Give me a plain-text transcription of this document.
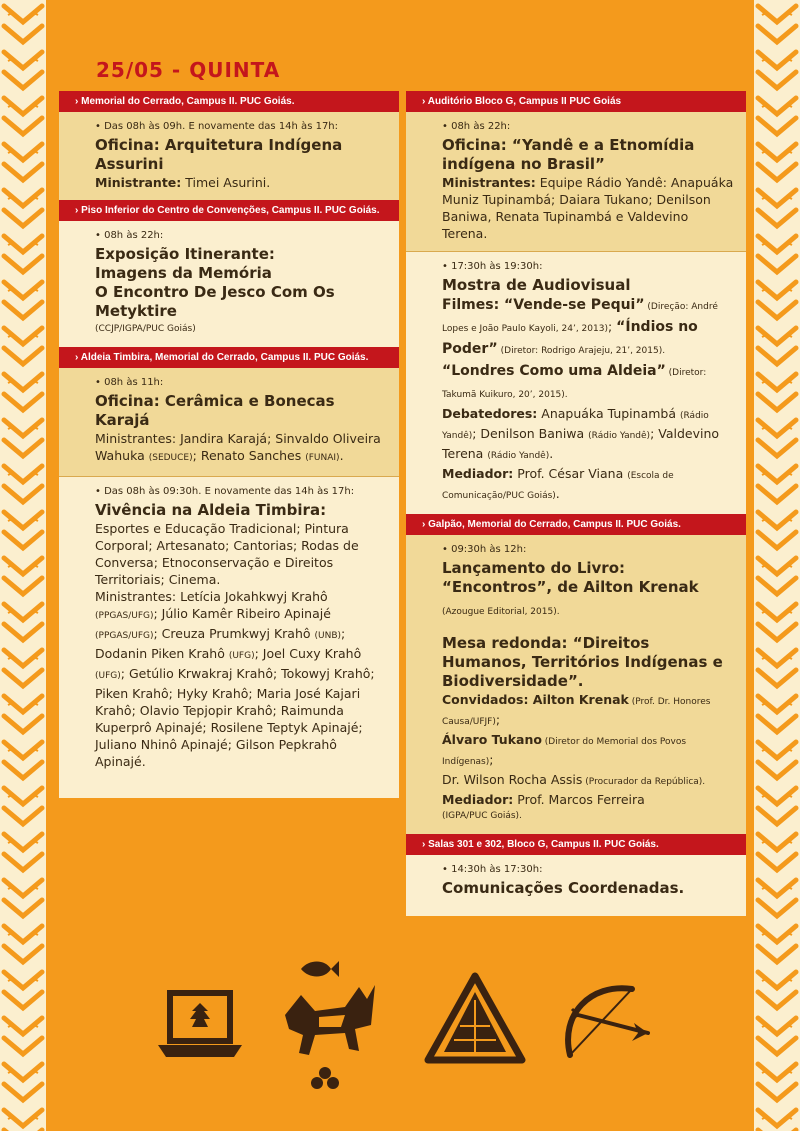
25/05 - QUINTA
› Memorial do Cerrado, Campus II. PUC Goiás.

• Das 08h às 09h. E novamente das 14h às 17h:

Oficina: Arquitetura Indígena Assurini

Ministrante: Timei Asurini.

› Piso Inferior do Centro de Convenções, Campus II. PUC Goiás.

• 08h às 22h:

Exposição Itinerante:

Imagens da Memória

O Encontro De Jesco Com Os

Metyktire

(CCJP/IGPA/PUC Goiás)

› Aldeia Timbira, Memorial do Cerrado, Campus II. PUC Goiás.

• 08h às 11h:

Oficina: Cerâmica e Bonecas Karajá

Ministrantes: Jandira Karajá; Sinvaldo Oliveira Wahuka (SEDUCE); Renato Sanches (FUNAI).

• Das 08h às 09:30h. E novamente das 14h às 17h:

Vivência na Aldeia Timbira:

Esportes e Educação Tradicional; Pintura Corporal; Artesanato; Cantorias; Rodas de Conversa; Etnoconservação e Direitos Territoriais; Cinema.

Ministrantes: Letícia Jokahkwyj Krahô (PPGAS/UFG); Júlio Kamêr Ribeiro Apinajé (PPGAS/UFG); Creuza Prumkwyj Krahô (UNB); Dodanin Piken Krahô (UFG); Joel Cuxy Krahô (UFG); Getúlio Krwakraj Krahô; Tokowyj Krahô; Piken Krahô; Hyky Krahô; Maria José Kajari Krahô; Olavio Tepjopir Krahô; Raimunda Kuperprô Apinajé; Rosilene Teptyk Apinajé; Juliano Nhinô Apinajé; Gilson Pepkrahô Apinajé.

› Auditório Bloco G, Campus II PUC Goiás

• 08h às 22h:

Oficina: “Yandê e a Etnomídia

indígena no Brasil”

Ministrantes: Equipe Rádio Yandê: Anapuáka Muniz Tupinambá; Daiara Tukano; Denilson Baniwa, Renata Tupinambá e Valdevino Terena.

• 17:30h às 19:30h:

Mostra de Audiovisual

Filmes: “Vende-se Pequi” (Direção: André Lopes e João Paulo Kayoli, 24’, 2013); “Índios no Poder” (Diretor: Rodrigo Arajeju, 21’, 2015). “Londres Como uma Aldeia” (Diretor: Takumã Kuikuro, 20’, 2015).

Debatedores: Anapuáka Tupinambá (Rádio Yandê); Denilson Baniwa (Rádio Yandê); Valdevino Terena (Rádio Yandê).

Mediador: Prof. César Viana (Escola de Comunicação/PUC Goiás).

› Galpão, Memorial do Cerrado, Campus II. PUC Goiás.

• 09:30h às 12h:

Lançamento do Livro: “Encontros”, de Ailton Krenak (Azougue Editorial, 2015).

Mesa redonda: “Direitos Humanos, Territórios Indígenas e Biodiversidade”.

Convidados: Ailton Krenak (Prof. Dr. Honores Causa/UFJF);

Álvaro Tukano (Diretor do Memorial dos Povos Indígenas);

Dr. Wilson Rocha Assis (Procurador da República).

Mediador: Prof. Marcos Ferreira

(IGPA/PUC Goiás).

› Salas 301 e 302, Bloco G, Campus II. PUC Goiás.

• 14:30h às 17:30h:

Comunicações Coordenadas.
